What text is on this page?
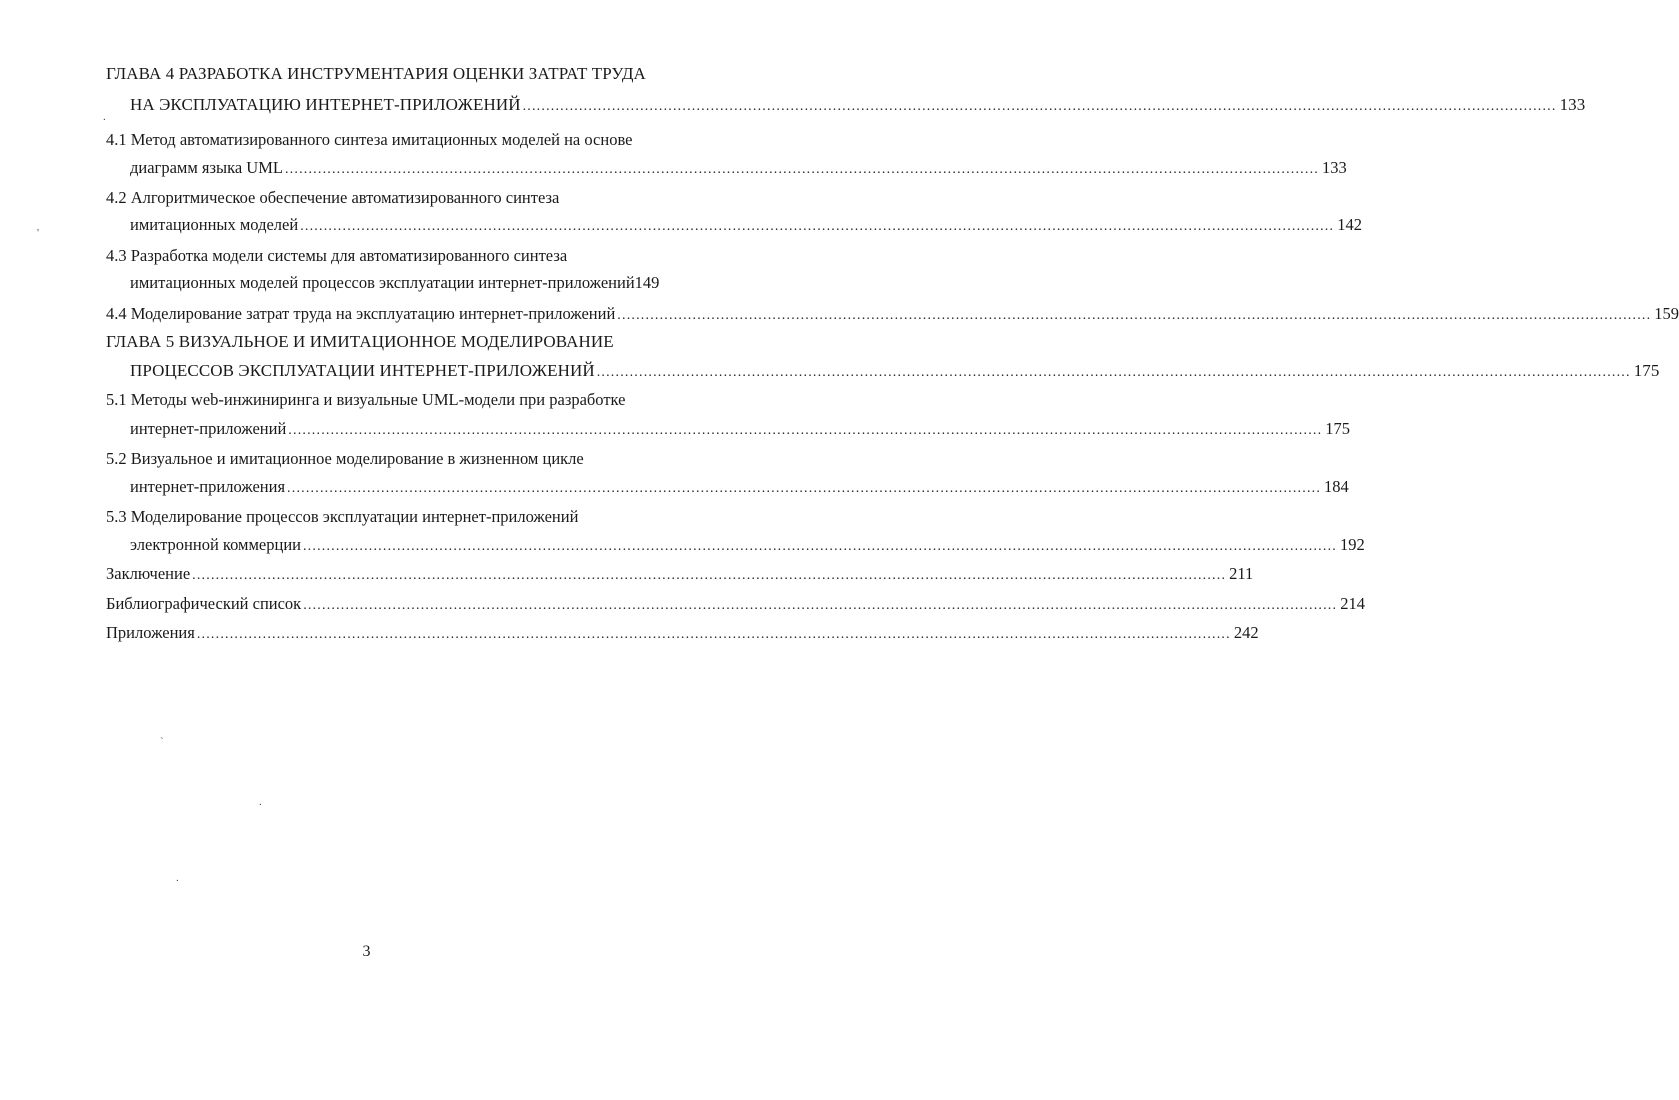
ГЛАВА 4 РАЗРАБОТКА ИНСТРУМЕНТАРИЯ ОЦЕНКИ ЗАТРАТ ТРУДА
НА ЭКСПЛУАТАЦИЮ ИНТЕРНЕТ-ПРИЛОЖЕНИЙ ............................................................................................................................................................................................................................ 133
4.1 Метод автоматизированного синтеза имитационных моделей на основе
диаграмм языка UML ............................................................................................................................................................................................................................ 133
4.2 Алгоритмическое обеспечение автоматизированного синтеза
имитационных моделей ............................................................................................................................................................................................................................ 142
4.3 Разработка модели системы для автоматизированного синтеза
имитационных моделей процессов эксплуатации интернет-приложений 149
4.4 Моделирование затрат труда на эксплуатацию интернет-приложений ............................................................................................................................................................................................................................ 159
ГЛАВА 5 ВИЗУАЛЬНОЕ И ИМИТАЦИОННОЕ МОДЕЛИРОВАНИЕ
ПРОЦЕССОВ ЭКСПЛУАТАЦИИ ИНТЕРНЕТ-ПРИЛОЖЕНИЙ ............................................................................................................................................................................................................................ 175
5.1 Методы web-инжиниринга и визуальные UML-модели при разработке
интернет-приложений ............................................................................................................................................................................................................................ 175
5.2 Визуальное и имитационное моделирование в жизненном цикле
интернет-приложения ............................................................................................................................................................................................................................ 184
5.3 Моделирование процессов эксплуатации интернет-приложений
электронной коммерции ............................................................................................................................................................................................................................ 192
Заключение ............................................................................................................................................................................................................................ 211
Библиографический список ............................................................................................................................................................................................................................ 214
Приложения ............................................................................................................................................................................................................................ 242
'
.
`
.
.
3
